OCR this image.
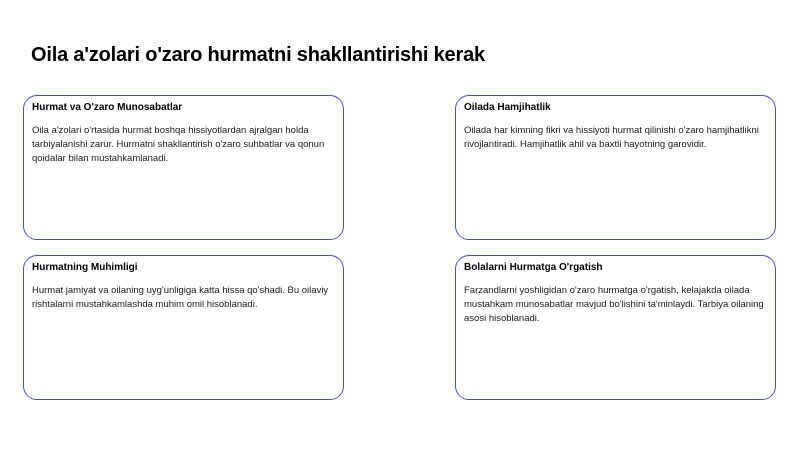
Oila a'zolari o'zaro hurmatni shakllantirishi kerak
Hurmat va O'zaro Munosabatlar

Oila a'zolari o'rtasida hurmat boshqa hissiyotlardan ajralgan holda tarbiyalanishi zarur. Hurmatni shakllantirish o'zaro suhbatlar va qonun qoidalar bilan mustahkamlanadi.

Oilada Hamjihatlik

Oilada har kimning fikri va hissiyoti hurmat qilinishi o'zaro hamjihatlikni rivojlantiradi. Hamjihatlik ahil va baxtli hayotning garovidir.

Hurmatning Muhimligi

Hurmat jamiyat va oilaning uyg'unligiga katta hissa qo'shadi. Bu oilaviy rishtalarni mustahkamlashda muhim omil hisoblanadi.

Bolalarni Hurmatga O'rgatish

Farzandlarni yoshligidan o'zaro hurmatga o'rgatish, kelajakda oilada mustahkam munosabatlar mavjud bo'lishini ta'minlaydi. Tarbiya oilaning asosi hisoblanadi.
